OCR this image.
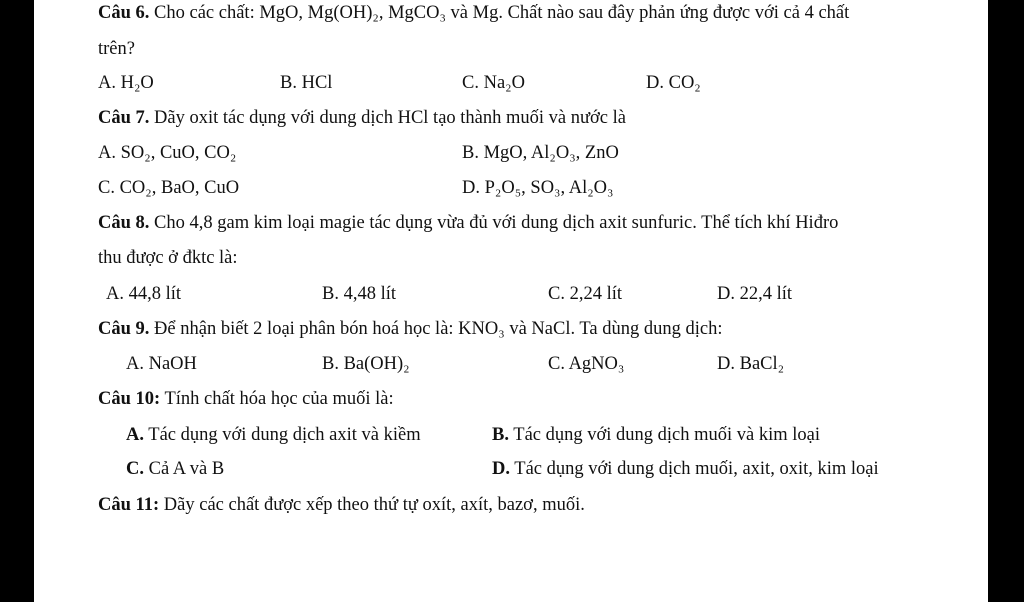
Câu 6. Cho các chất: MgO, Mg(OH)₂, MgCO₃ và Mg. Chất nào sau đây phản ứng được với cả 4 chất
trên?
A. H₂O	B. HCl	C. Na₂O	D. CO₂
Câu 7. Dãy oxit tác dụng với dung dịch HCl tạo thành muối và nước là
A. SO₂, CuO, CO₂	B. MgO, Al₂O₃, ZnO
C. CO₂, BaO, CuO	D. P₂O₅, SO₃, Al₂O₃
Câu 8. Cho 4,8 gam kim loại magie tác dụng vừa đủ với dung dịch axit sunfuric. Thể tích khí Hiđro
thu được ở đktc là:
A. 44,8 lít	B. 4,48 lít	C. 2,24 lít	D. 22,4 lít
Câu 9. Để nhận biết 2 loại phân bón hoá học là: KNO₃ và NaCl. Ta dùng dung dịch:
A. NaOH	B. Ba(OH)₂	C. AgNO₃	D. BaCl₂
Câu 10: Tính chất hóa học của muối là:
A. Tác dụng với dung dịch axit và kiềm	B. Tác dụng với dung dịch muối và kim loại
C. Cả A và B	D. Tác dụng với dung dịch muối, axit, oxit, kim loại
Câu 11: Dãy các chất được xếp theo thứ tự oxít, axít, bazơ, muối.
